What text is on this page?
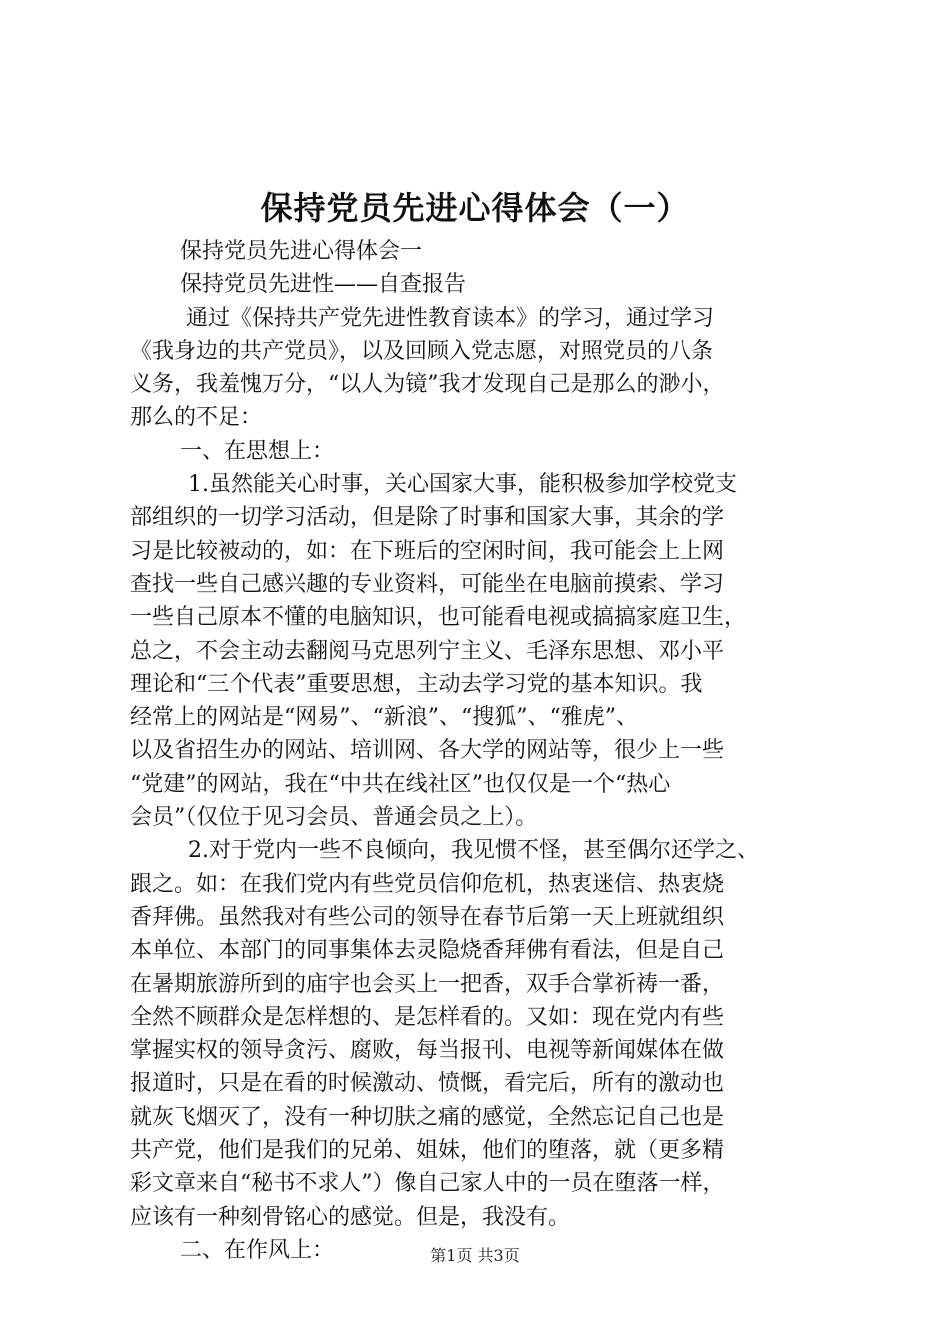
保持党员先进心得体会（一）
保持党员先进心得体会一
保持党员先进性——自查报告
通过《保持共产党先进性教育读本》的学习，通过学习
《我身边的共产党员》，以及回顾入党志愿，对照党员的八条
义务，我羞愧万分，“以人为镜”我才发现自己是那么的渺小，
那么的不足：
一、在思想上：
1.虽然能关心时事，关心国家大事，能积极参加学校党支
部组织的一切学习活动，但是除了时事和国家大事，其余的学
习是比较被动的，如：在下班后的空闲时间，我可能会上上网
查找一些自己感兴趣的专业资料，可能坐在电脑前摸索、学习
一些自己原本不懂的电脑知识，也可能看电视或搞搞家庭卫生，
总之，不会主动去翻阅马克思列宁主义、毛泽东思想、邓小平
理论和“三个代表”重要思想，主动去学习党的基本知识。我
经常上的网站是“网易”、“新浪”、“搜狐”、“雅虎”、
以及省招生办的网站、培训网、各大学的网站等，很少上一些
“党建”的网站，我在“中共在线社区”也仅仅是一个“热心
会员”（仅位于见习会员、普通会员之上）。
2.对于党内一些不良倾向，我见惯不怪，甚至偶尔还学之、
跟之。如：在我们党内有些党员信仰危机，热衷迷信、热衷烧
香拜佛。虽然我对有些公司的领导在春节后第一天上班就组织
本单位、本部门的同事集体去灵隐烧香拜佛有看法，但是自己
在暑期旅游所到的庙宇也会买上一把香，双手合掌祈祷一番，
全然不顾群众是怎样想的、是怎样看的。又如：现在党内有些
掌握实权的领导贪污、腐败，每当报刊、电视等新闻媒体在做
报道时，只是在看的时候激动、愤慨，看完后，所有的激动也
就灰飞烟灭了，没有一种切肤之痛的感觉，全然忘记自己也是
共产党，他们是我们的兄弟、姐妹，他们的堕落，就（更多精
彩文章来自“秘书不求人”）像自己家人中的一员在堕落一样，
应该有一种刻骨铭心的感觉。但是，我没有。
二、在作风上：	第1页 共3页
